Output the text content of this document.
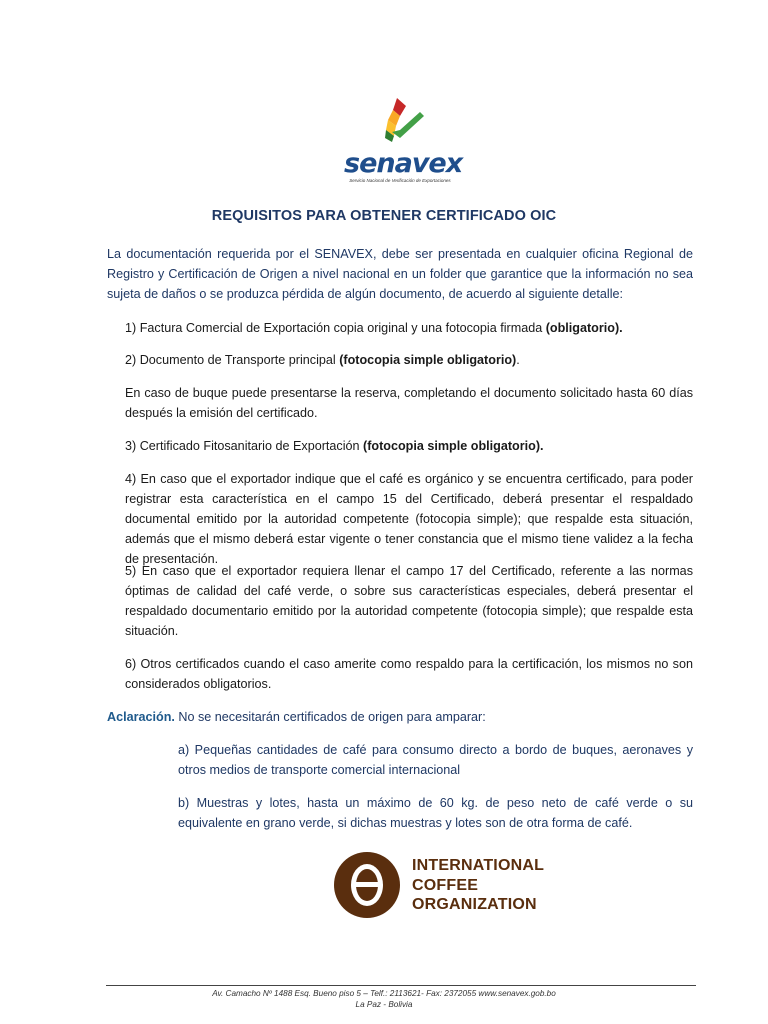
senavex
Servicio Nacional de Verificación de Exportaciones
REQUISITOS PARA OBTENER CERTIFICADO OIC
La documentación requerida por el SENAVEX, debe ser presentada en cualquier oficina Regional de Registro y Certificación de Origen a nivel nacional en un folder que garantice que la información no sea sujeta de daños o se produzca pérdida de algún documento, de acuerdo al siguiente detalle:
1) Factura Comercial de Exportación copia original y una fotocopia firmada (obligatorio).
2) Documento de Transporte principal (fotocopia simple obligatorio).
En caso de buque puede presentarse la reserva, completando el documento solicitado hasta 60 días después la emisión del certificado.
3) Certificado Fitosanitario de Exportación (fotocopia simple obligatorio).
4) En caso que el exportador indique que el café es orgánico y se encuentra certificado, para poder registrar esta característica en el campo 15 del Certificado, deberá presentar el respaldado documental emitido por la autoridad competente (fotocopia simple); que respalde esta situación, además que el mismo deberá estar vigente o tener constancia que el mismo tiene validez a la fecha de presentación.
5) En caso que el exportador requiera llenar el campo 17 del Certificado, referente a las normas óptimas de calidad del café verde, o sobre sus características especiales, deberá presentar el respaldado documentario emitido por la autoridad competente (fotocopia simple); que respalde esta situación.
6) Otros certificados cuando el caso amerite como respaldo para la certificación, los mismos no son considerados obligatorios.
Aclaración. No se necesitarán certificados de origen para amparar:
a) Pequeñas cantidades de café para consumo directo a bordo de buques, aeronaves y otros medios de transporte comercial internacional
b) Muestras y lotes, hasta un máximo de 60 kg. de peso neto de café verde o su equivalente en grano verde, si dichas muestras y lotes son de otra forma de café.
INTERNATIONAL
COFFEE
ORGANIZATION
Av. Camacho Nº 1488 Esq. Bueno piso 5 – Telf.: 2113621- Fax: 2372055 www.senavex.gob.bo
La Paz - Bolivia
